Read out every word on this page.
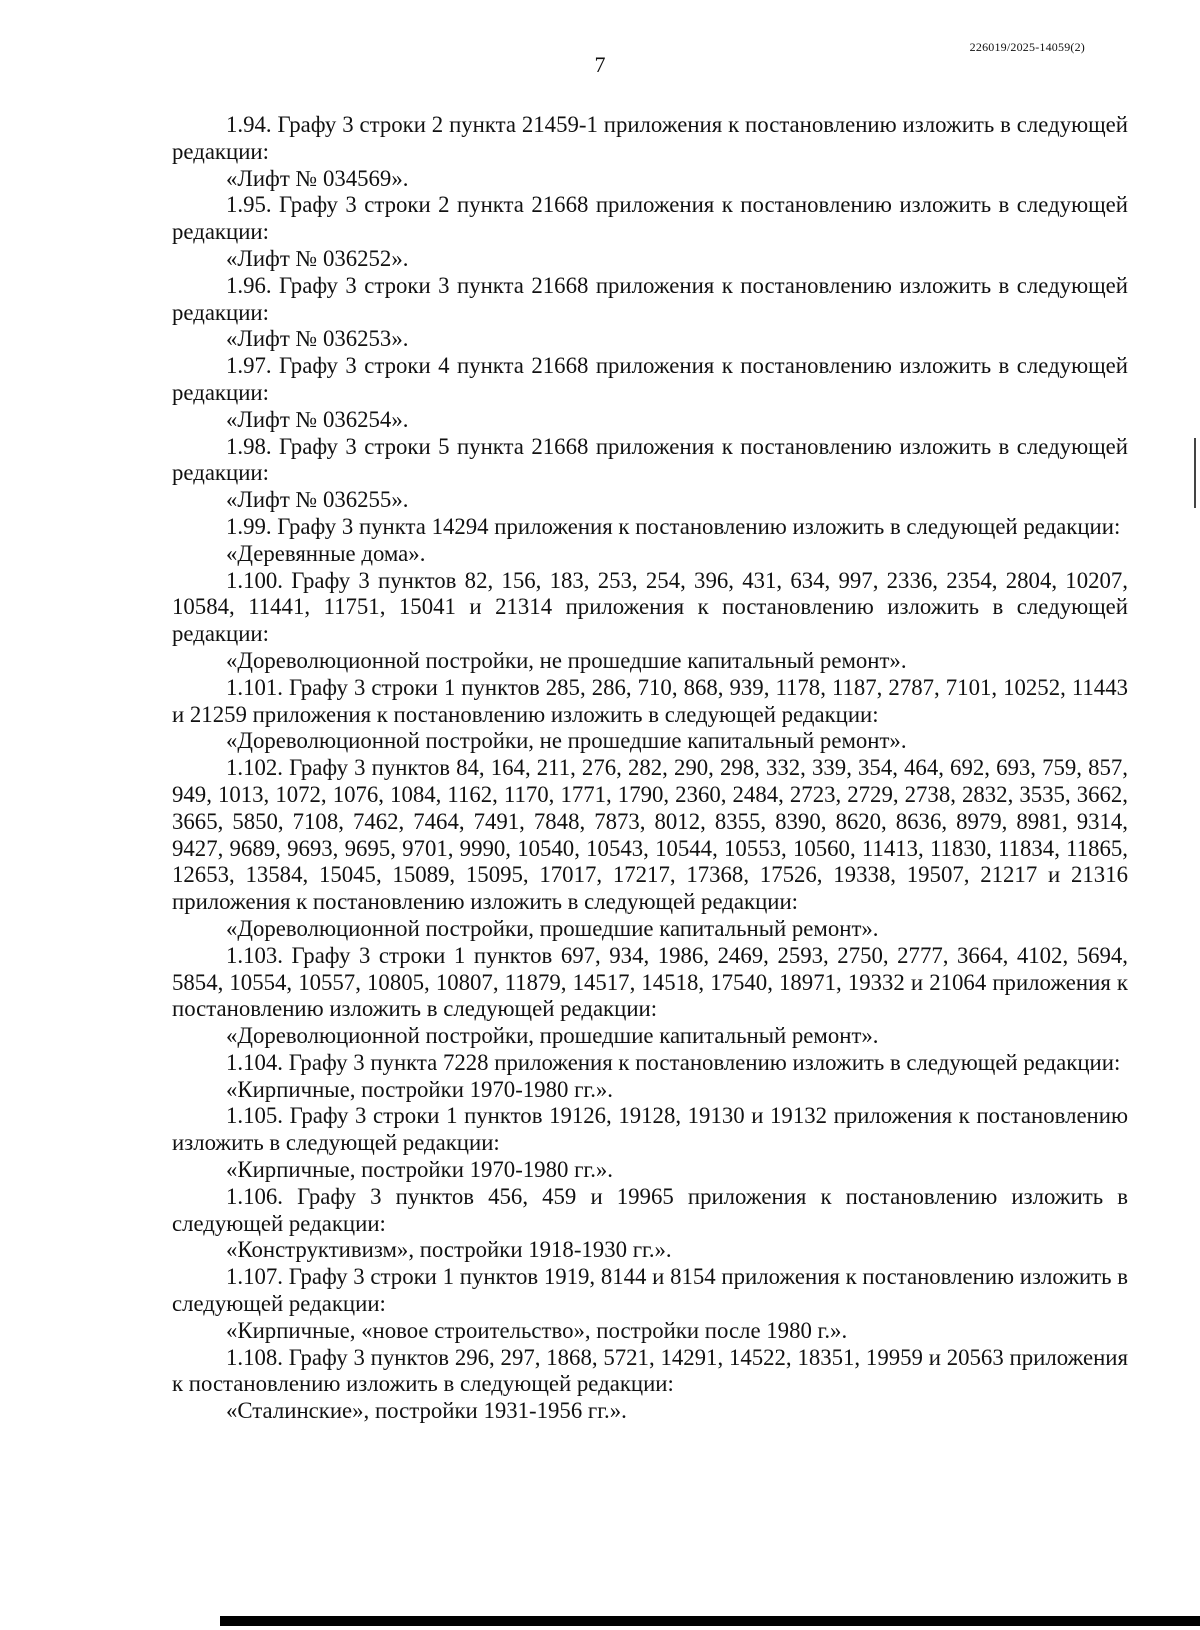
226019/2025-14059(2)
7

1.94. Графу 3 строки 2 пункта 21459-1 приложения к постановлению изложить в следующей редакции:

«Лифт № 034569».

1.95. Графу 3 строки 2 пункта 21668 приложения к постановлению изложить в следующей редакции:

«Лифт № 036252».

1.96. Графу 3 строки 3 пункта 21668 приложения к постановлению изложить в следующей редакции:

«Лифт № 036253».

1.97. Графу 3 строки 4 пункта 21668 приложения к постановлению изложить в следующей редакции:

«Лифт № 036254».

1.98. Графу 3 строки 5 пункта 21668 приложения к постановлению изложить в следующей редакции:

«Лифт № 036255».

1.99. Графу 3 пункта 14294 приложения к постановлению изложить в следующей редакции:

«Деревянные дома».

1.100. Графу 3 пунктов 82, 156, 183, 253, 254, 396, 431, 634, 997, 2336, 2354, 2804, 10207, 10584, 11441, 11751, 15041 и 21314 приложения к постановлению изложить в следующей редакции:

«Дореволюционной постройки, не прошедшие капитальный ремонт».

1.101. Графу 3 строки 1 пунктов 285, 286, 710, 868, 939, 1178, 1187, 2787, 7101, 10252, 11443 и 21259 приложения к постановлению изложить в следующей редакции:

«Дореволюционной постройки, не прошедшие капитальный ремонт».

1.102. Графу 3 пунктов 84, 164, 211, 276, 282, 290, 298, 332, 339, 354, 464, 692, 693, 759, 857, 949, 1013, 1072, 1076, 1084, 1162, 1170, 1771, 1790, 2360, 2484, 2723, 2729, 2738, 2832, 3535, 3662, 3665, 5850, 7108, 7462, 7464, 7491, 7848, 7873, 8012, 8355, 8390, 8620, 8636, 8979, 8981, 9314, 9427, 9689, 9693, 9695, 9701, 9990, 10540, 10543, 10544, 10553, 10560, 11413, 11830, 11834, 11865, 12653, 13584, 15045, 15089, 15095, 17017, 17217, 17368, 17526, 19338, 19507, 21217 и 21316 приложения к постановлению изложить в следующей редакции:

«Дореволюционной постройки, прошедшие капитальный ремонт».

1.103. Графу 3 строки 1 пунктов 697, 934, 1986, 2469, 2593, 2750, 2777, 3664, 4102, 5694, 5854, 10554, 10557, 10805, 10807, 11879, 14517, 14518, 17540, 18971, 19332 и 21064 приложения к постановлению изложить в следующей редакции:

«Дореволюционной постройки, прошедшие капитальный ремонт».

1.104. Графу 3 пункта 7228 приложения к постановлению изложить в следующей редакции:

«Кирпичные, постройки 1970-1980 гг.».

1.105. Графу 3 строки 1 пунктов 19126, 19128, 19130 и 19132 приложения к постановлению изложить в следующей редакции:

«Кирпичные, постройки 1970-1980 гг.».

1.106. Графу 3 пунктов 456, 459 и 19965 приложения к постановлению изложить в следующей редакции:

«Конструктивизм», постройки 1918-1930 гг.».

1.107. Графу 3 строки 1 пунктов 1919, 8144 и 8154 приложения к постановлению изложить в следующей редакции:

«Кирпичные, «новое строительство», постройки после 1980 г.».

1.108. Графу 3 пунктов 296, 297, 1868, 5721, 14291, 14522, 18351, 19959 и 20563 приложения к постановлению изложить в следующей редакции:

«Сталинские», постройки 1931-1956 гг.».
